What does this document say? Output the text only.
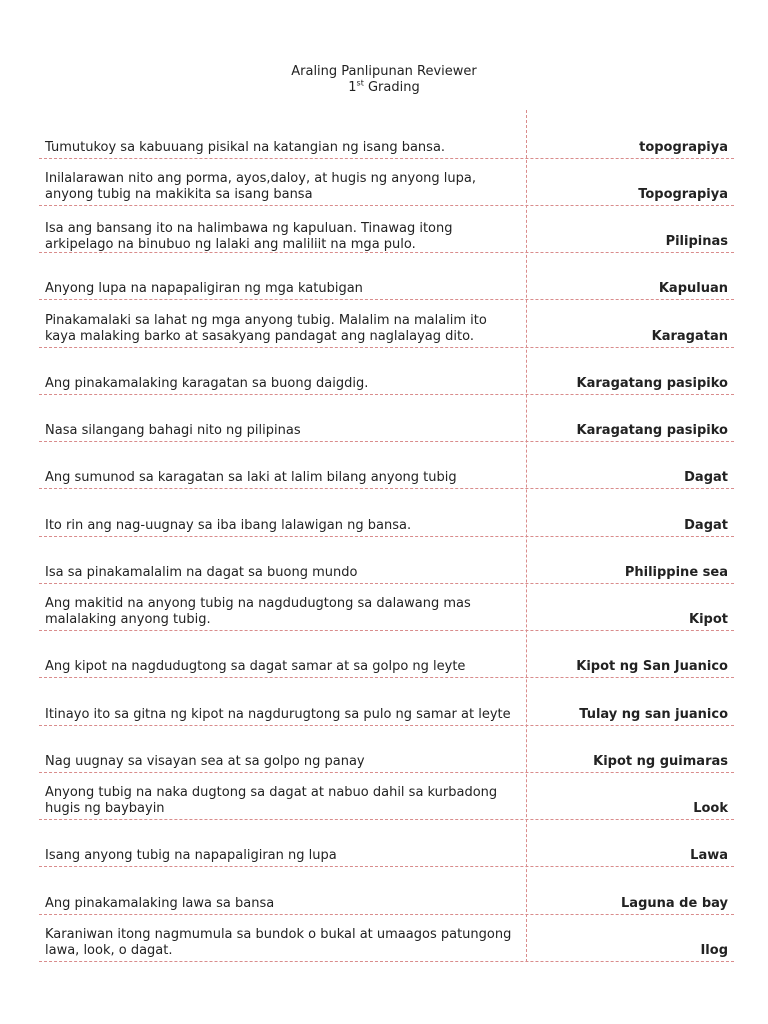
Araling Panlipunan Reviewer
1st Grading
Tumutukoy sa kabuuang pisikal na katangian ng isang bansa.	topograpiya
Inilalarawan nito ang porma, ayos,daloy, at hugis ng anyong lupa, anyong tubig na makikita sa isang bansa	Topograpiya
Isa ang bansang ito na halimbawa ng kapuluan. Tinawag itong arkipelago na binubuo ng lalaki ang maliliit na mga pulo.	Pilipinas
Anyong lupa na napapaligiran ng mga katubigan	Kapuluan
Pinakamalaki sa lahat ng mga anyong tubig. Malalim na malalim ito kaya malaking barko at sasakyang pandagat ang naglalayag dito.	Karagatan
Ang pinakamalaking karagatan sa buong daigdig.	Karagatang pasipiko
Nasa silangang bahagi nito ng pilipinas	Karagatang pasipiko
Ang sumunod sa karagatan sa laki at lalim bilang anyong tubig	Dagat
Ito rin ang nag-uugnay sa iba ibang lalawigan ng bansa.	Dagat
Isa sa pinakamalalim na dagat sa buong mundo	Philippine sea
Ang makitid na anyong tubig na nagdudugtong sa dalawang mas malalaking anyong tubig.	Kipot
Ang kipot na nagdudugtong sa dagat samar at sa golpo ng leyte	Kipot ng San Juanico
Itinayo ito sa gitna ng kipot na nagdurugtong sa pulo ng samar at leyte	Tulay ng san juanico
Nag uugnay sa visayan sea at sa golpo ng panay	Kipot ng guimaras
Anyong tubig na naka dugtong sa dagat at nabuo dahil sa kurbadong hugis ng baybayin	Look
Isang anyong tubig na napapaligiran ng lupa	Lawa
Ang pinakamalaking lawa sa bansa	Laguna de bay
Karaniwan itong nagmumula sa bundok o bukal at umaagos patungong lawa, look, o dagat.	Ilog
